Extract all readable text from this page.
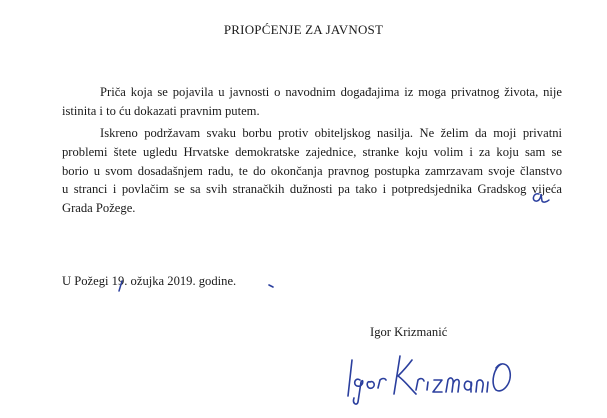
PRIOPĆENJE ZA JAVNOST
Priča koja se pojavila u javnosti o navodnim događajima iz moga privatnog života, nije
istinita i to ću dokazati pravnim putem.
Iskreno podržavam svaku borbu protiv obiteljskog nasilja. Ne želim da moji privatni
problemi štete ugledu Hrvatske demokratske zajednice, stranke koju volim i za koju sam se
borio u svom dosadašnjem radu, te do okončanja pravnog postupka zamrzavam svoje članstvo
u stranci i povlačim se sa svih stranačkih dužnosti pa tako i potpredsjednika Gradskog vijeća
Grada Požege.

U Požegi 19. ožujka 2019. godine.

Igor Krizmanić
